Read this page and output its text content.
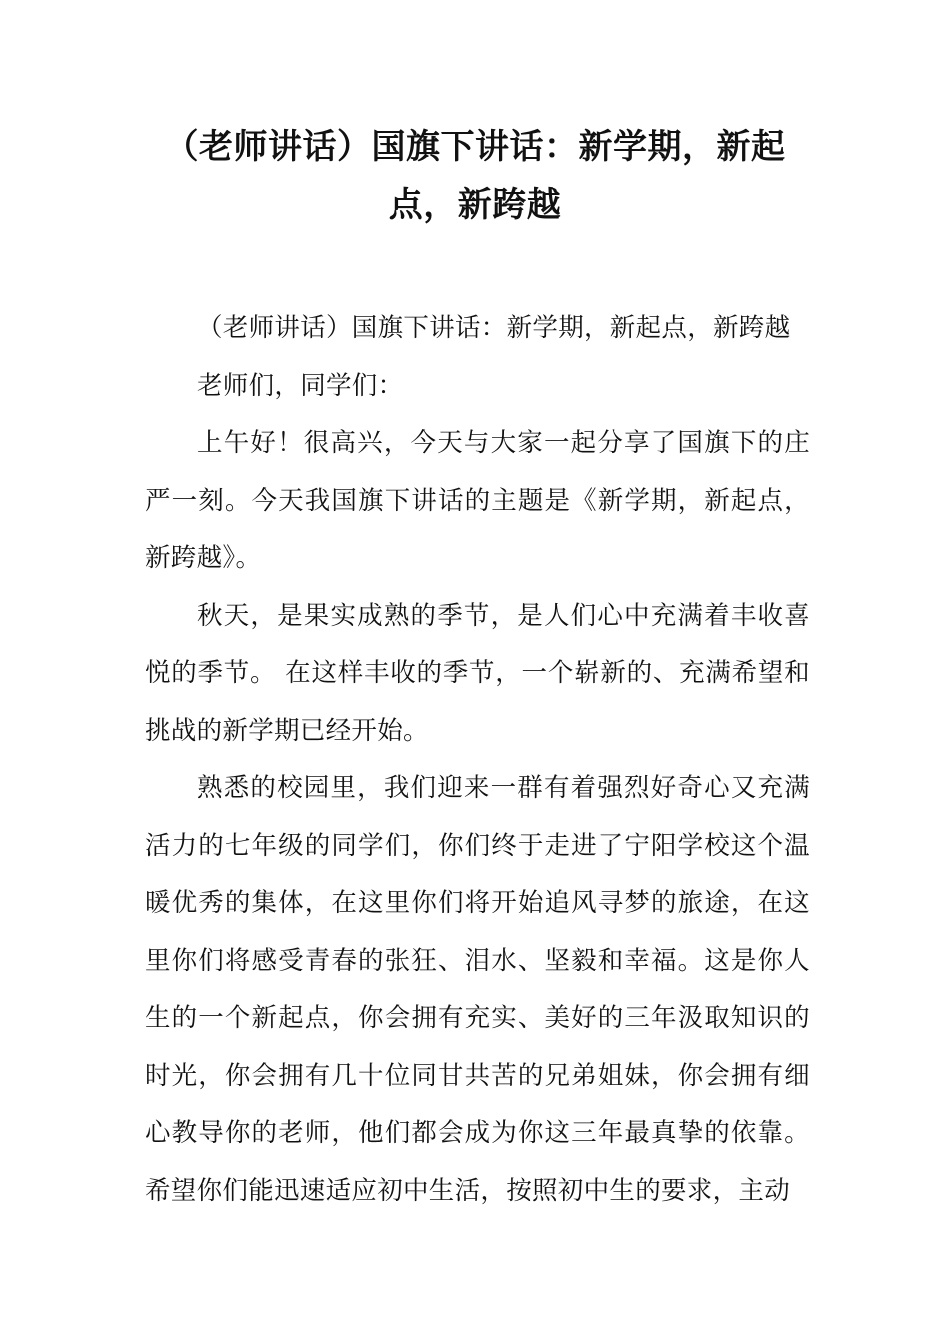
（老师讲话）国旗下讲话：新学期，新起点，新跨越

（老师讲话）国旗下讲话：新学期，新起点，新跨越

老师们，同学们：

上午好！很高兴，今天与大家一起分享了国旗下的庄严一刻。今天我国旗下讲话的主题是《新学期，新起点，新跨越》。

秋天，是果实成熟的季节，是人们心中充满着丰收喜悦的季节。 在这样丰收的季节，一个崭新的、充满希望和挑战的新学期已经开始。

熟悉的校园里，我们迎来一群有着强烈好奇心又充满活力的七年级的同学们，你们终于走进了宁阳学校这个温暖优秀的集体，在这里你们将开始追风寻梦的旅途，在这里你们将感受青春的张狂、泪水、坚毅和幸福。这是你人生的一个新起点，你会拥有充实、美好的三年汲取知识的时光，你会拥有几十位同甘共苦的兄弟姐妹，你会拥有细心教导你的老师，他们都会成为你这三年最真挚的依靠。希望你们能迅速适应初中生活，按照初中生的要求，主动
